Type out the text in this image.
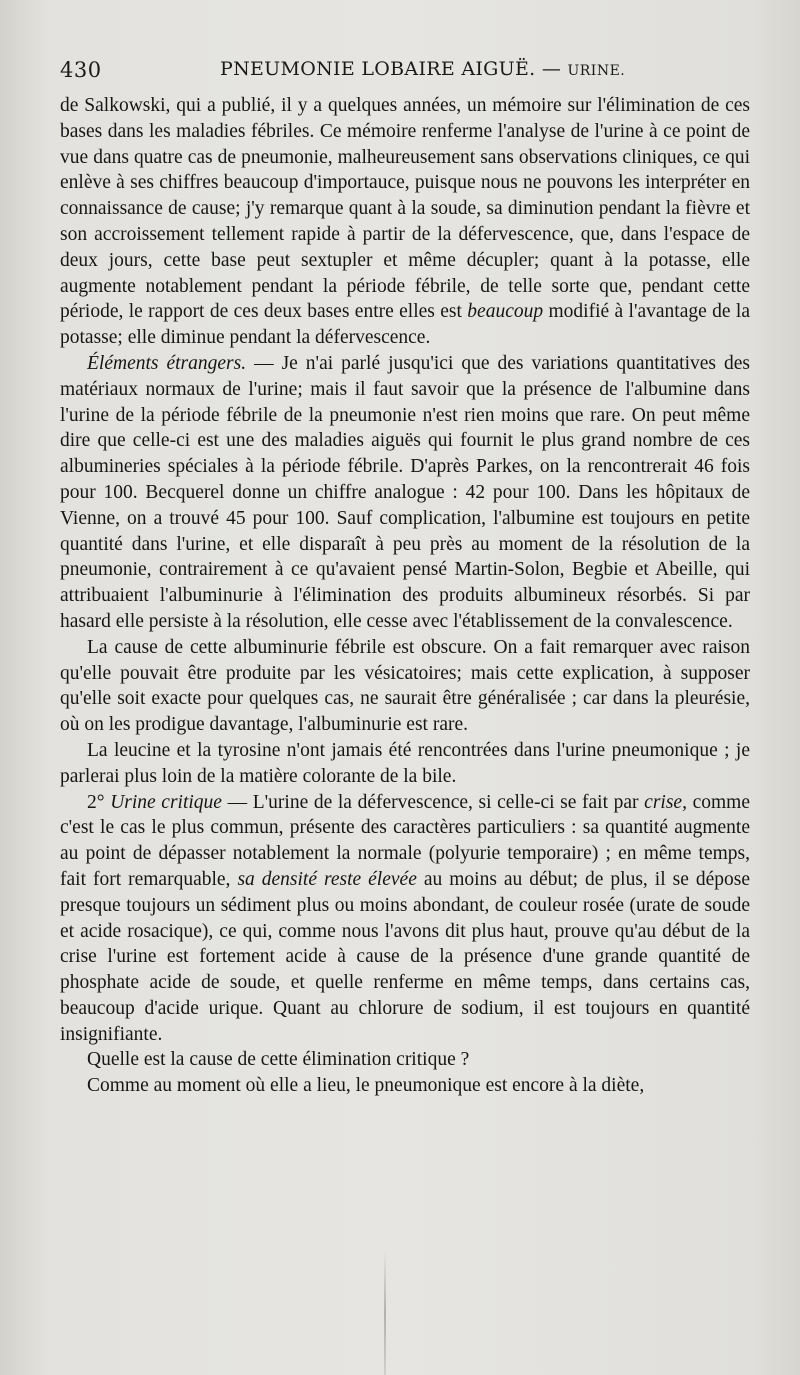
430	PNEUMONIE LOBAIRE AIGUË. — URINE.

de Salkowski, qui a publié, il y a quelques années, un mémoire sur l'élimination de ces bases dans les maladies fébriles. Ce mémoire renferme l'analyse de l'urine à ce point de vue dans quatre cas de pneumonie, malheureusement sans observations cliniques, ce qui enlève à ses chiffres beaucoup d'importauce, puisque nous ne pouvons les interpréter en connaissance de cause; j'y remarque quant à la soude, sa diminution pendant la fièvre et son accroissement tellement rapide à partir de la défervescence, que, dans l'espace de deux jours, cette base peut sextupler et même décupler; quant à la potasse, elle augmente notablement pendant la période fébrile, de telle sorte que, pendant cette période, le rapport de ces deux bases entre elles est beaucoup modifié à l'avantage de la potasse; elle diminue pendant la défervescence.

Éléments étrangers. — Je n'ai parlé jusqu'ici que des variations quantitatives des matériaux normaux de l'urine; mais il faut savoir que la présence de l'albumine dans l'urine de la période fébrile de la pneumonie n'est rien moins que rare. On peut même dire que celle-ci est une des maladies aiguës qui fournit le plus grand nombre de ces albumineries spéciales à la période fébrile. D'après Parkes, on la rencontrerait 46 fois pour 100. Becquerel donne un chiffre analogue : 42 pour 100. Dans les hôpitaux de Vienne, on a trouvé 45 pour 100. Sauf complication, l'albumine est toujours en petite quantité dans l'urine, et elle disparaît à peu près au moment de la résolution de la pneumonie, contrairement à ce qu'avaient pensé Martin-Solon, Begbie et Abeille, qui attribuaient l'albuminurie à l'élimination des produits albumineux résorbés. Si par hasard elle persiste à la résolution, elle cesse avec l'établissement de la convalescence.

La cause de cette albuminurie fébrile est obscure. On a fait remarquer avec raison qu'elle pouvait être produite par les vésicatoires; mais cette explication, à supposer qu'elle soit exacte pour quelques cas, ne saurait être généralisée ; car dans la pleurésie, où on les prodigue davantage, l'albuminurie est rare.

La leucine et la tyrosine n'ont jamais été rencontrées dans l'urine pneumonique ; je parlerai plus loin de la matière colorante de la bile.

2° Urine critique — L'urine de la défervescence, si celle-ci se fait par crise, comme c'est le cas le plus commun, présente des caractères particuliers : sa quantité augmente au point de dépasser notablement la normale (polyurie temporaire) ; en même temps, fait fort remarquable, sa densité reste élevée au moins au début; de plus, il se dépose presque toujours un sédiment plus ou moins abondant, de couleur rosée (urate de soude et acide rosacique), ce qui, comme nous l'avons dit plus haut, prouve qu'au début de la crise l'urine est fortement acide à cause de la présence d'une grande quantité de phosphate acide de soude, et quelle renferme en même temps, dans certains cas, beaucoup d'acide urique. Quant au chlorure de sodium, il est toujours en quantité insignifiante.

Quelle est la cause de cette élimination critique ?

Comme au moment où elle a lieu, le pneumonique est encore à la diète,
